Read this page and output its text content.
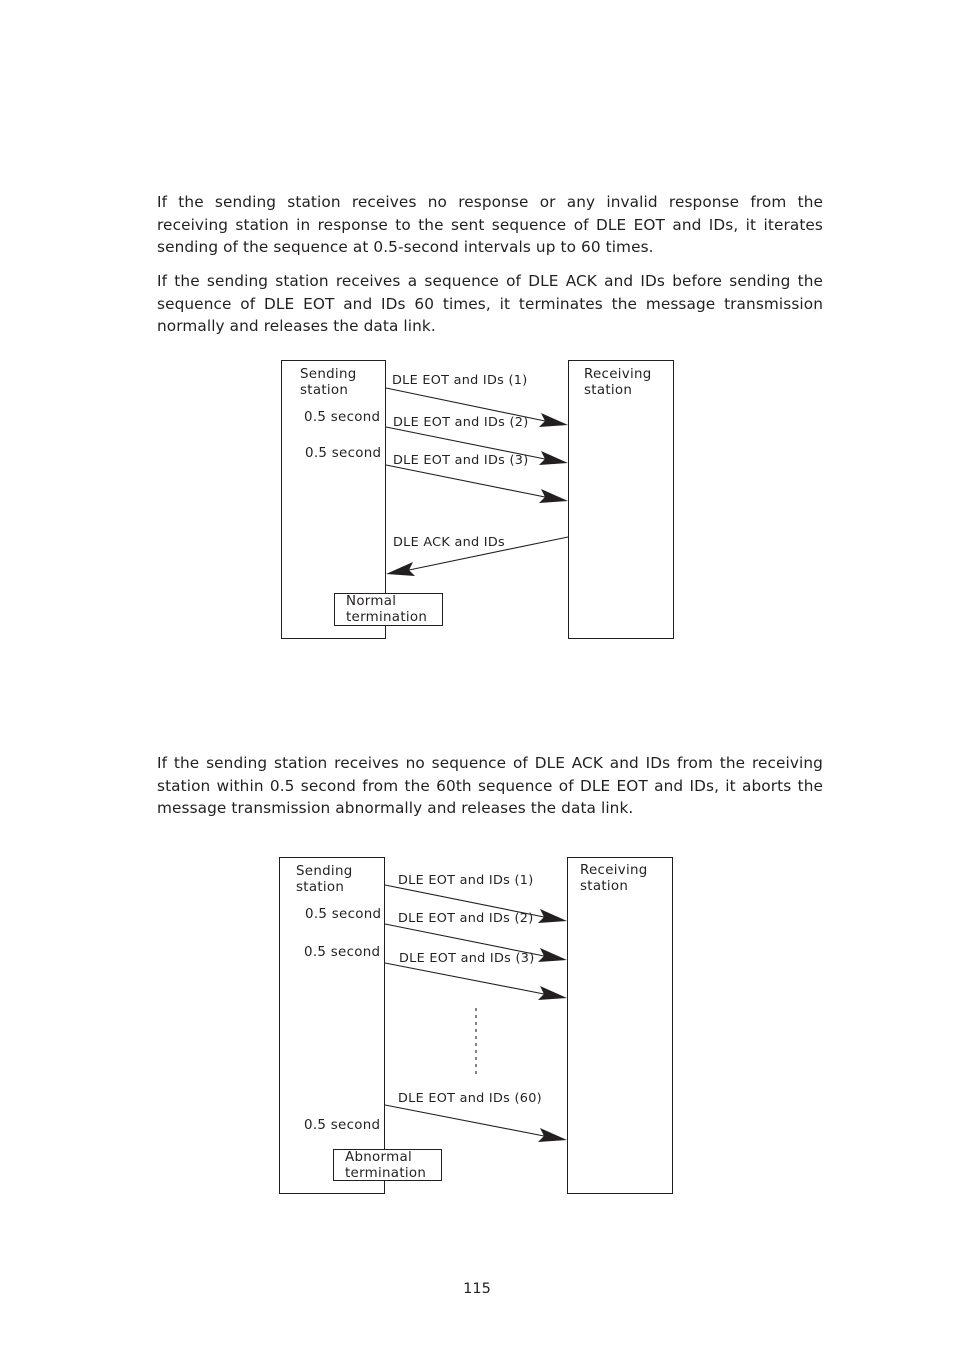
If the sending station receives no response or any invalid response from the receiving station in response to the sent sequence of DLE EOT and IDs, it iterates sending of the sequence at 0.5-second intervals up to 60 times.

If the sending station receives a sequence of DLE ACK and IDs before sending the sequence of DLE EOT and IDs 60 times, it terminates the message transmission normally and releases the data link.

Sending
station
Receiving
station
0.5 second
0.5 second
DLE EOT and IDs (1)
DLE EOT and IDs (2)
DLE EOT and IDs (3)
DLE ACK and IDs
Normal
termination

If the sending station receives no sequence of DLE ACK and IDs from the receiving station within 0.5 second from the 60th sequence of DLE EOT and IDs, it aborts the message transmission abnormally and releases the data link.

Sending
station
Receiving
station
0.5 second
0.5 second
0.5 second
DLE EOT and IDs (1)
DLE EOT and IDs (2)
DLE EOT and IDs (3)
DLE EOT and IDs (60)
Abnormal
termination
115
